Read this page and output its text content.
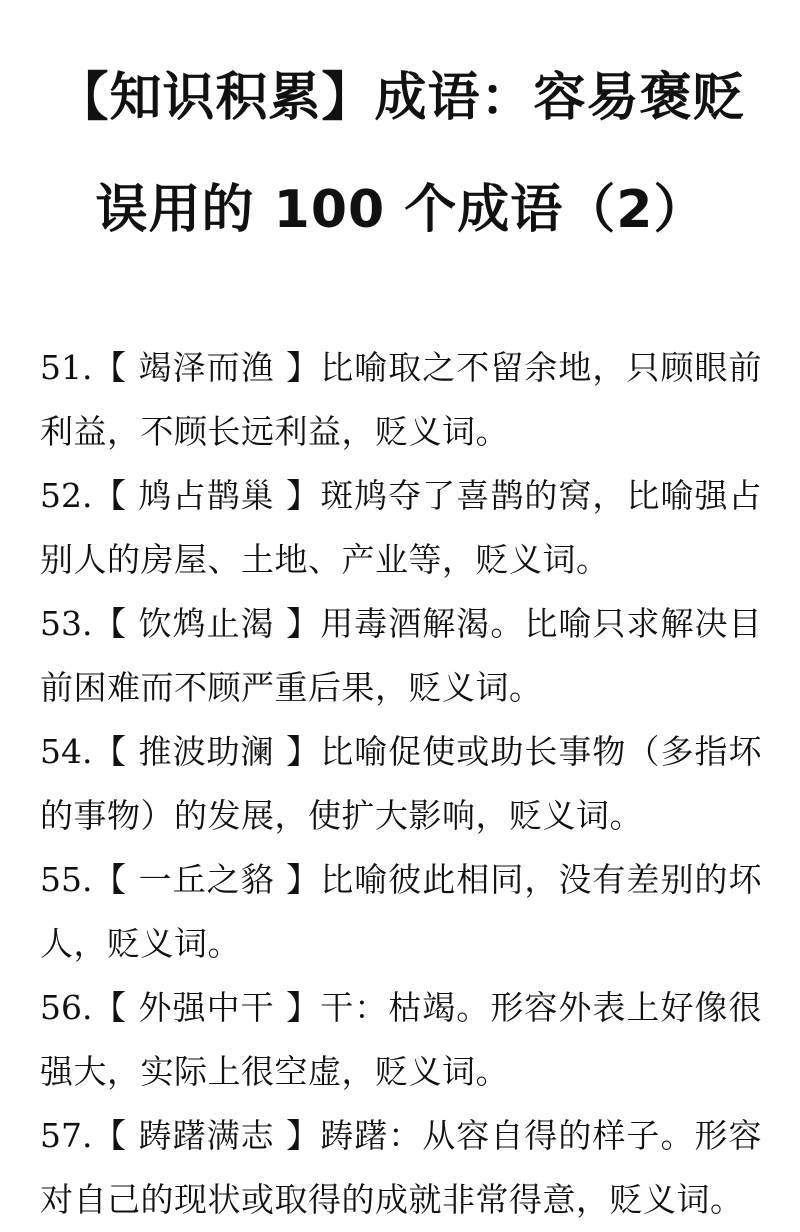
【知识积累】成语：容易褒贬
误用的 100 个成语（2）

51.【 竭泽而渔 】比喻取之不留余地，只顾眼前利益，不顾长远利益，贬义词。

52.【 鸠占鹊巢 】斑鸠夺了喜鹊的窝，比喻强占别人的房屋、土地、产业等，贬义词。

53.【 饮鸩止渴 】用毒酒解渴。比喻只求解决目前困难而不顾严重后果，贬义词。

54.【 推波助澜 】比喻促使或助长事物（多指坏的事物）的发展，使扩大影响，贬义词。

55.【 一丘之貉 】比喻彼此相同，没有差别的坏人，贬义词。

56.【 外强中干 】干：枯竭。形容外表上好像很强大，实际上很空虚，贬义词。

57.【 踌躇满志 】踌躇：从容自得的样子。形容对自己的现状或取得的成就非常得意，贬义词。
